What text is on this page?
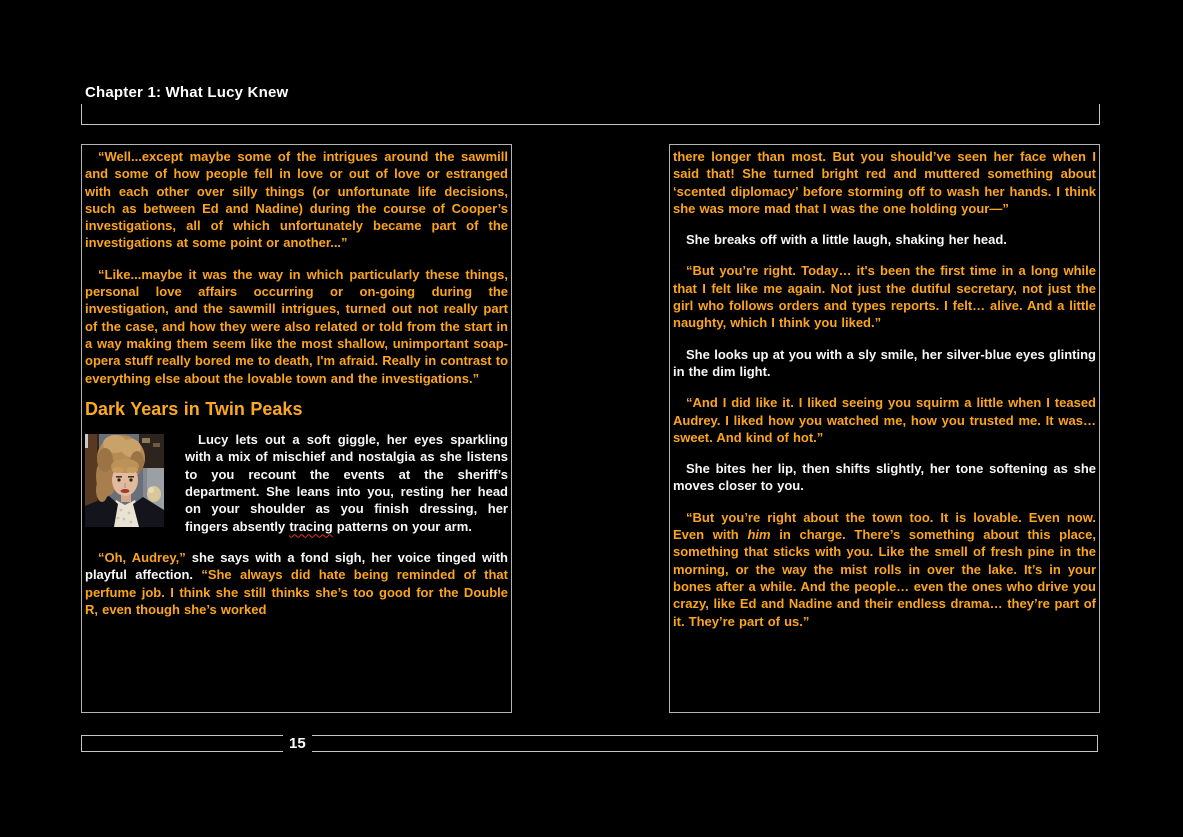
Chapter 1: What Lucy Knew

“Well...except maybe some of the intrigues around the sawmill and some of how people fell in love or out of love or estranged with each other over silly things (or unfortunate life decisions, such as between Ed and Nadine) during the course of Cooper’s investigations, all of which unfortunately became part of the investigations at some point or another...”

“Like...maybe it was the way in which particularly these things, personal love affairs occurring or on-going during the investigation, and the sawmill intrigues, turned out not really part of the case, and how they were also related or told from the start in a way making them seem like the most shallow, unimportant soap-opera stuff really bored me to death, I'm afraid. Really in contrast to everything else about the lovable town and the investigations.”

Dark Years in Twin Peaks

Lucy lets out a soft giggle, her eyes sparkling with a mix of mischief and nostalgia as she listens to you recount the events at the sheriff’s department. She leans into you, resting her head on your shoulder as you finish dressing, her fingers absently tracing patterns on your arm.

“Oh, Audrey,” she says with a fond sigh, her voice tinged with playful affection. “She always did hate being reminded of that perfume job. I think she still thinks she’s too good for the Double R, even though she’s worked

there longer than most. But you should’ve seen her face when I said that! She turned bright red and muttered something about ‘scented diplomacy’ before storming off to wash her hands. I think she was more mad that I was the one holding your—”

She breaks off with a little laugh, shaking her head.

“But you’re right. Today… it's been the first time in a long while that I felt like me again. Not just the dutiful secretary, not just the girl who follows orders and types reports. I felt… alive. And a little naughty, which I think you liked.”

She looks up at you with a sly smile, her silver-blue eyes glinting in the dim light.

“And I did like it. I liked seeing you squirm a little when I teased Audrey. I liked how you watched me, how you trusted me. It was… sweet. And kind of hot.”

She bites her lip, then shifts slightly, her tone softening as she moves closer to you.

“But you’re right about the town too. It is lovable. Even now. Even with him in charge. There’s something about this place, something that sticks with you. Like the smell of fresh pine in the morning, or the way the mist rolls in over the lake. It’s in your bones after a while. And the people… even the ones who drive you crazy, like Ed and Nadine and their endless drama… they’re part of it. They’re part of us.”

15
